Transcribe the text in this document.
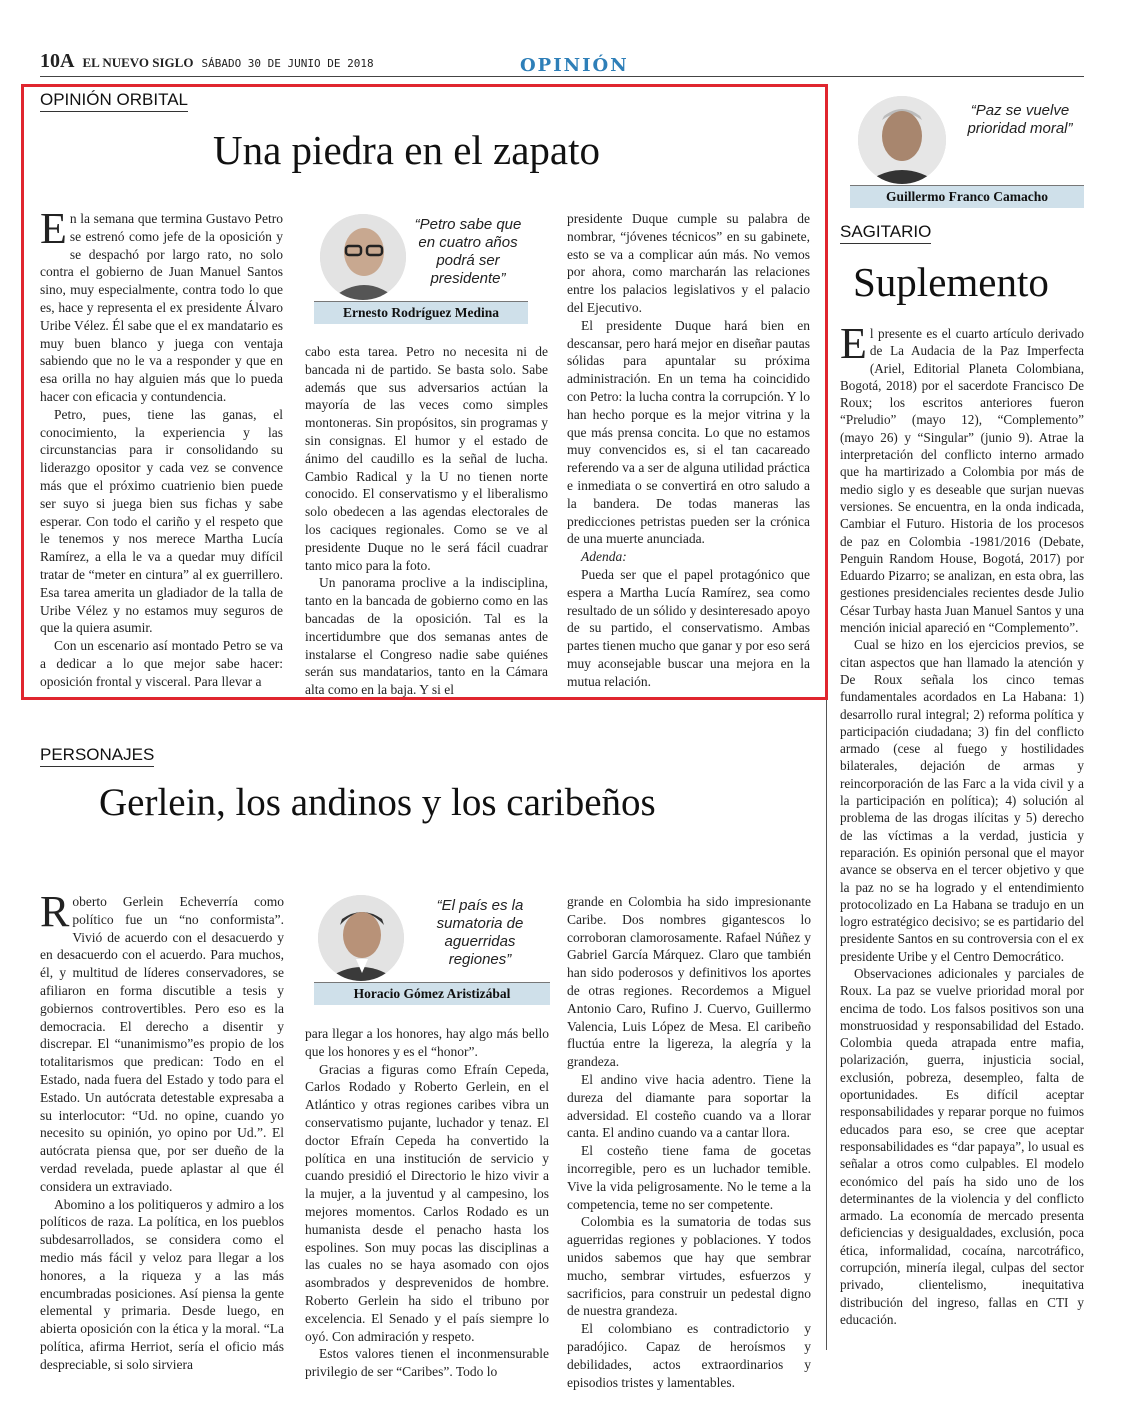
10A EL NUEVO SIGLO SÁBADO 30 DE JUNIO DE 2018	OPINIÓN
OPINIÓN ORBITAL
Una piedra en el zapato

En la semana que termina Gustavo Petro se estrenó como jefe de la oposición y se despachó por largo rato, no solo contra el gobierno de Juan Manuel Santos sino, muy especialmente, contra todo lo que es, hace y representa el ex presidente Álvaro Uribe Vélez. Él sabe que el ex mandatario es muy buen blanco y juega con ventaja sabiendo que no le va a responder y que en esa orilla no hay alguien más que lo pueda hacer con eficacia y contundencia.

Petro, pues, tiene las ganas, el conocimiento, la experiencia y las circunstancias para ir consolidando su liderazgo opositor y cada vez se convence más que el próximo cuatrienio bien puede ser suyo si juega bien sus fichas y sabe esperar. Con todo el cariño y el respeto que le tenemos y nos merece Martha Lucía Ramírez, a ella le va a quedar muy difícil tratar de “meter en cintura” al ex guerrillero. Esa tarea amerita un gladiador de la talla de Uribe Vélez y no estamos muy seguros de que la quiera asumir.

Con un escenario así montado Petro se va a dedicar a lo que mejor sabe hacer: oposición frontal y visceral. Para llevar a

“Petro sabe que en cuatro años podrá ser presidente”
Ernesto Rodríguez Medina

cabo esta tarea. Petro no necesita ni de bancada ni de partido. Se basta solo. Sabe además que sus adversarios actúan la mayoría de las veces como simples montoneras. Sin propósitos, sin programas y sin consignas. El humor y el estado de ánimo del caudillo es la señal de lucha. Cambio Radical y la U no tienen norte conocido. El conservatismo y el liberalismo solo obedecen a las agendas electorales de los caciques regionales. Como se ve al presidente Duque no le será fácil cuadrar tanto mico para la foto.

Un panorama proclive a la indisciplina, tanto en la bancada de gobierno como en las bancadas de la oposición. Tal es la incertidumbre que dos semanas antes de instalarse el Congreso nadie sabe quiénes serán sus mandatarios, tanto en la Cámara alta como en la baja. Y si el

presidente Duque cumple su palabra de nombrar, “jóvenes técnicos” en su gabinete, esto se va a complicar aún más. No vemos por ahora, como marcharán las relaciones entre los palacios legislativos y el palacio del Ejecutivo.

El presidente Duque hará bien en descansar, pero hará mejor en diseñar pautas sólidas para apuntalar su próxima administración. En un tema ha coincidido con Petro: la lucha contra la corrupción. Y lo han hecho porque es la mejor vitrina y la que más prensa concita. Lo que no estamos muy convencidos es, si el tan cacareado referendo va a ser de alguna utilidad práctica e inmediata o se convertirá en otro saludo a la bandera. De todas maneras las predicciones petristas pueden ser la crónica de una muerte anunciada.

Adenda:

Pueda ser que el papel protagónico que espera a Martha Lucía Ramírez, sea como resultado de un sólido y desinteresado apoyo de su partido, el conservatismo. Ambas partes tienen mucho que ganar y por eso será muy aconsejable buscar una mejora en la mutua relación.

PERSONAJES
Gerlein, los andinos y los caribeños

Roberto Gerlein Echeverría como político fue un “no conformista”. Vivió de acuerdo con el desacuerdo y en desacuerdo con el acuerdo. Para muchos, él, y multitud de líderes conservadores, se afiliaron en forma discutible a tesis y gobiernos controvertibles. Pero eso es la democracia. El derecho a disentir y discrepar. El “unanimismo”es propio de los totalitarismos que predican: Todo en el Estado, nada fuera del Estado y todo para el Estado. Un autócrata detestable expresaba a su interlocutor: “Ud. no opine, cuando yo necesito su opinión, yo opino por Ud.”. El autócrata piensa que, por ser dueño de la verdad revelada, puede aplastar al que él considera un extraviado.

Abomino a los politiqueros y admiro a los políticos de raza. La política, en los pueblos subdesarrollados, se considera como el medio más fácil y veloz para llegar a los honores, a la riqueza y a las más encumbradas posiciones. Así piensa la gente elemental y primaria. Desde luego, en abierta oposición con la ética y la moral. “La política, afirma Herriot, sería el oficio más despreciable, si solo sirviera

“El país es la sumatoria de aguerridas regiones”
Horacio Gómez Aristizábal

para llegar a los honores, hay algo más bello que los honores y es el “honor”.

Gracias a figuras como Efraín Cepeda, Carlos Rodado y Roberto Gerlein, en el Atlántico y otras regiones caribes vibra un conservatismo pujante, luchador y tenaz. El doctor Efraín Cepeda ha convertido la política en una institución de servicio y cuando presidió el Directorio le hizo vivir a la mujer, a la juventud y al campesino, los mejores momentos. Carlos Rodado es un humanista desde el penacho hasta los espolines. Son muy pocas las disciplinas a las cuales no se haya asomado con ojos asombrados y desprevenidos de hombre. Roberto Gerlein ha sido el tribuno por excelencia. El Senado y el país siempre lo oyó. Con admiración y respeto.

Estos valores tienen el inconmensurable privilegio de ser “Caribes”. Todo lo

grande en Colombia ha sido impresionante Caribe. Dos nombres gigantescos lo corroboran clamorosamente. Rafael Núñez y Gabriel García Márquez. Claro que también han sido poderosos y definitivos los aportes de otras regiones. Recordemos a Miguel Antonio Caro, Rufino J. Cuervo, Guillermo Valencia, Luis López de Mesa. El caribeño fluctúa entre la ligereza, la alegría y la grandeza.

El andino vive hacia adentro. Tiene la dureza del diamante para soportar la adversidad. El costeño cuando va a llorar canta. El andino cuando va a cantar llora.

El costeño tiene fama de gocetas incorregible, pero es un luchador temible. Vive la vida peligrosamente. No le teme a la competencia, teme no ser competente.

Colombia es la sumatoria de todas sus aguerridas regiones y poblaciones. Y todos unidos sabemos que hay que sembrar mucho, sembrar virtudes, esfuerzos y sacrificios, para construir un pedestal digno de nuestra grandeza.

El colombiano es contradictorio y paradójico. Capaz de heroísmos y debilidades, actos extraordinarios y episodios tristes y lamentables.

“Paz se vuelve prioridad moral”
Guillermo Franco Camacho
SAGITARIO
Suplemento

El presente es el cuarto artículo derivado de La Audacia de la Paz Imperfecta (Ariel, Editorial Planeta Colombiana, Bogotá, 2018) por el sacerdote Francisco De Roux; los escritos anteriores fueron “Preludio” (mayo 12), “Complemento” (mayo 26) y “Singular” (junio 9). Atrae la interpretación del conflicto interno armado que ha martirizado a Colombia por más de medio siglo y es deseable que surjan nuevas versiones. Se encuentra, en la onda indicada, Cambiar el Futuro. Historia de los procesos de paz en Colombia -1981/2016 (Debate, Penguin Random House, Bogotá, 2017) por Eduardo Pizarro; se analizan, en esta obra, las gestiones presidenciales recientes desde Julio César Turbay hasta Juan Manuel Santos y una mención inicial apareció en “Complemento”.

Cual se hizo en los ejercicios previos, se citan aspectos que han llamado la atención y De Roux señala los cinco temas fundamentales acordados en La Habana: 1) desarrollo rural integral; 2) reforma política y participación ciudadana; 3) fin del conflicto armado (cese al fuego y hostilidades bilaterales, dejación de armas y reincorporación de las Farc a la vida civil y a la participación en política); 4) solución al problema de las drogas ilícitas y 5) derecho de las víctimas a la verdad, justicia y reparación. Es opinión personal que el mayor avance se observa en el tercer objetivo y que la paz no se ha logrado y el entendimiento protocolizado en La Habana se tradujo en un logro estratégico decisivo; se es partidario del presidente Santos en su controversia con el ex presidente Uribe y el Centro Democrático.

Observaciones adicionales y parciales de Roux. La paz se vuelve prioridad moral por encima de todo. Los falsos positivos son una monstruosidad y responsabilidad del Estado. Colombia queda atrapada entre mafia, polarización, guerra, injusticia social, exclusión, pobreza, desempleo, falta de oportunidades. Es difícil aceptar responsabilidades y reparar porque no fuimos educados para eso, se cree que aceptar responsabilidades es “dar papaya”, lo usual es señalar a otros como culpables. El modelo económico del país ha sido uno de los determinantes de la violencia y del conflicto armado. La economía de mercado presenta deficiencias y desigualdades, exclusión, poca ética, informalidad, cocaína, narcotráfico, corrupción, minería ilegal, culpas del sector privado, clientelismo, inequitativa distribución del ingreso, fallas en CTI y educación.
